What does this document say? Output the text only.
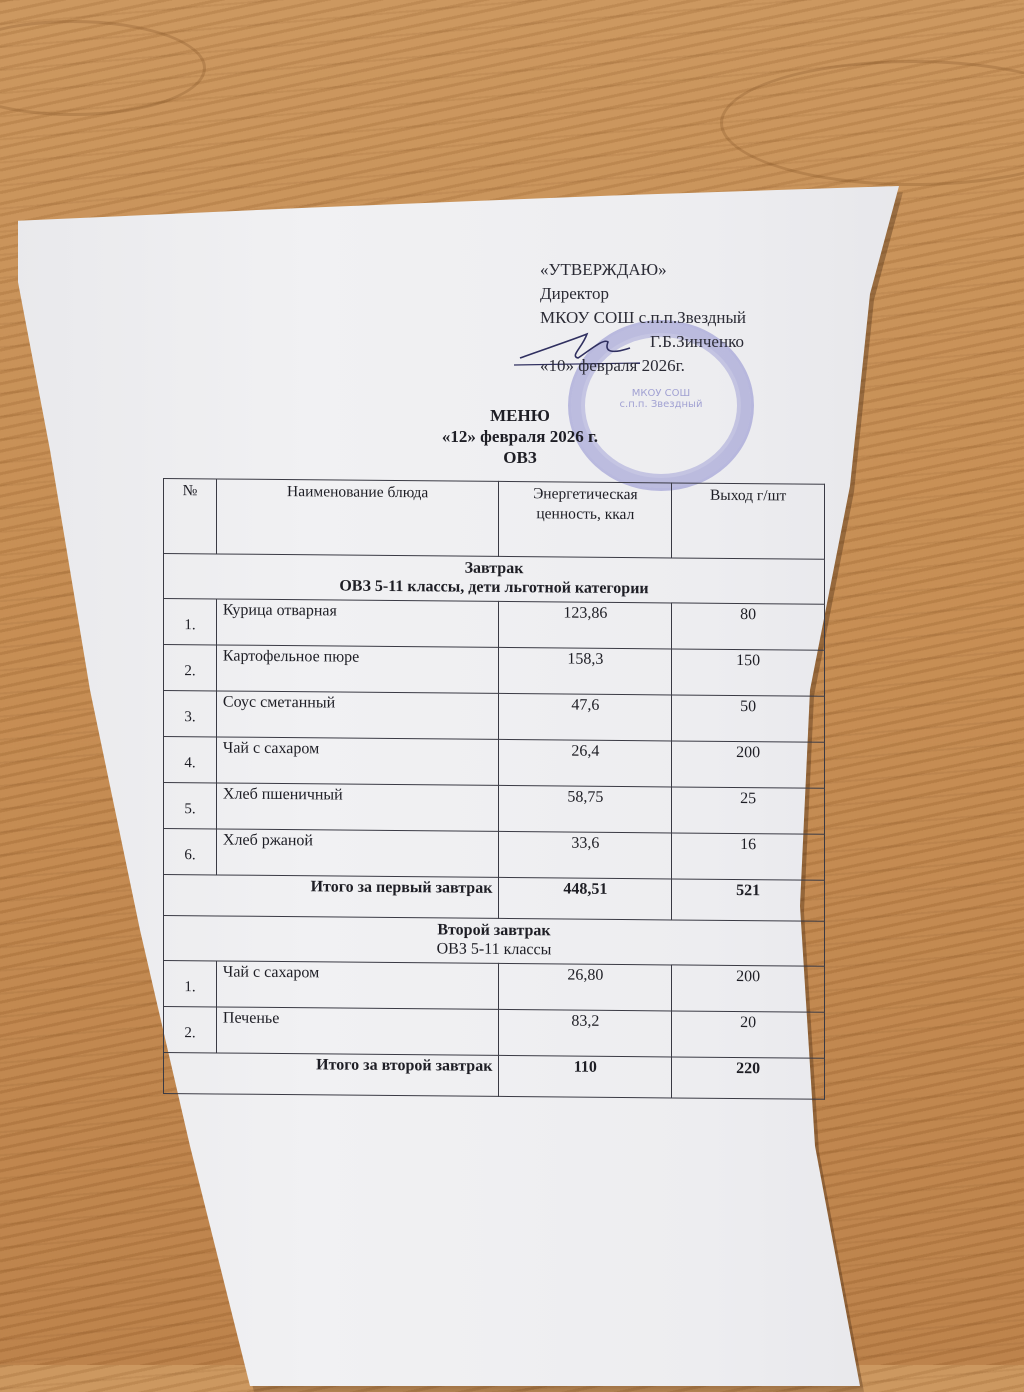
МКОУ СОШ
с.п.п. Звездный
«УТВЕРЖДАЮ»
Директор
МКОУ СОШ с.п.п.Звездный
Г.Б.Зинченко
«10» февраля 2026г.
МЕНЮ
«12» февраля 2026 г.
ОВЗ
№	Наименование блюда	Энергетическая ценность, ккал	Выход г/шт

Завтрак
ОВЗ 5-11 классы, дети льготной категории			

1.	Курица отварная	123,86	80
2.	Картофельное пюре	158,3	150
3.	Соус сметанный	47,6	50
4.	Чай с сахаром	26,4	200
5.	Хлеб пшеничный	58,75	25
6.	Хлеб ржаной	33,6	16
Итого за первый завтрак		448,51	521

Второй завтрак
ОВЗ 5-11 классы			

1.	Чай с сахаром	26,80	200
2.	Печенье	83,2	20
Итого за второй завтрак		110	220
